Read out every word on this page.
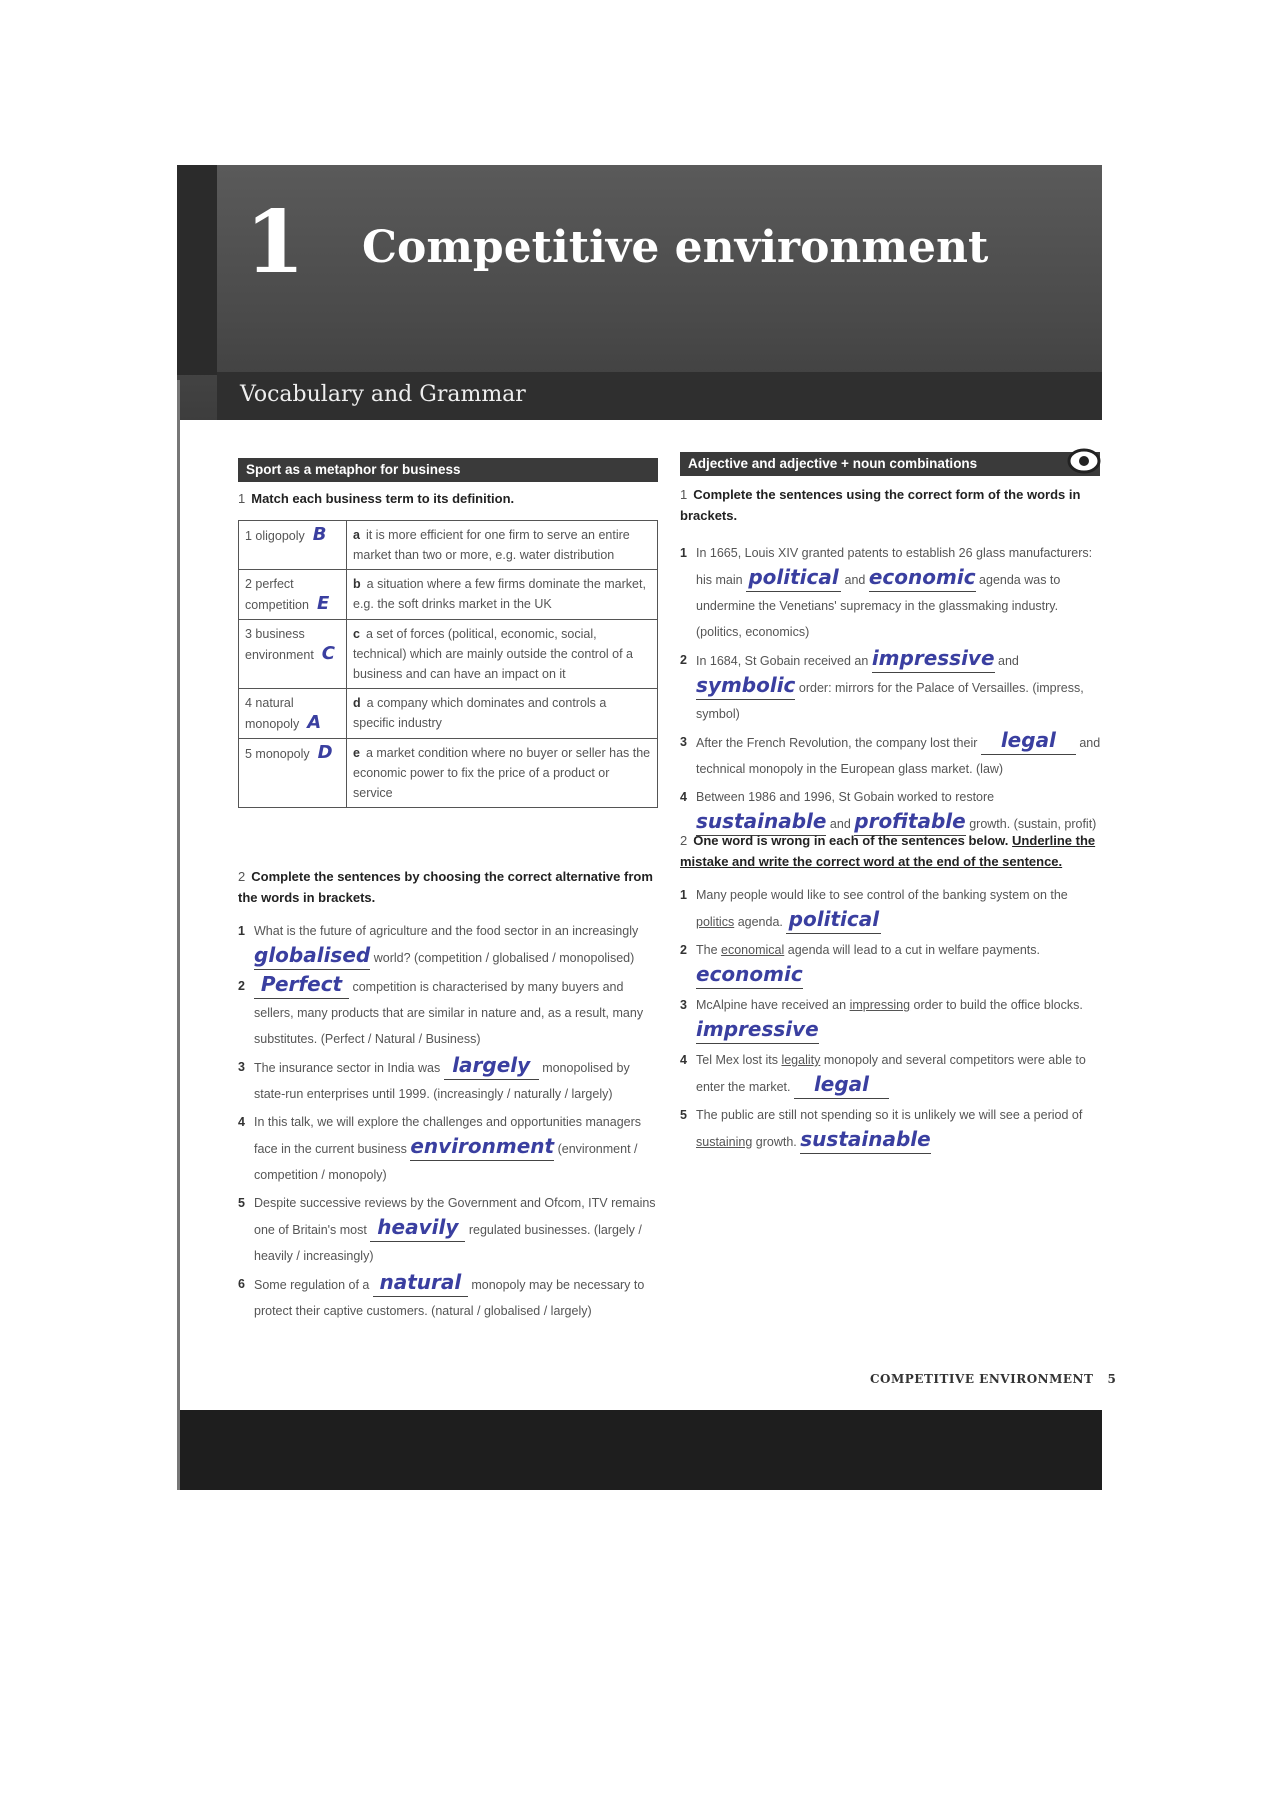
1 Competitive environment
Vocabulary and Grammar
Sport as a metaphor for business
1 Match each business term to its definition.
1 oligopoly B	a it is more efficient for one firm to serve an entire market than two or more, e.g. water distribution
2 perfect competition E	b a situation where a few firms dominate the market, e.g. the soft drinks market in the UK
3 business environment C	c a set of forces (political, economic, social, technical) which are mainly outside the control of a business and can have an impact on it
4 natural monopoly A	d a company which dominates and controls a specific industry
5 monopoly D	e a market condition where no buyer or seller has the economic power to fix the price of a product or service
2 Complete the sentences by choosing the correct alternative from the words in brackets.
1 What is the future of agriculture and the food sector in an increasingly globalised world? (competition / globalised / monopolised)
2 Perfect competition is characterised by many buyers and sellers, many products that are similar in nature and, as a result, many substitutes. (Perfect / Natural / Business)
3 The insurance sector in India was largely monopolised by state-run enterprises until 1999. (increasingly / naturally / largely)
4 In this talk, we will explore the challenges and opportunities managers face in the current business environment (environment / competition / monopoly)
5 Despite successive reviews by the Government and Ofcom, ITV remains one of Britain's most heavily regulated businesses. (largely / heavily / increasingly)
6 Some regulation of a natural monopoly may be necessary to protect their captive customers. (natural / globalised / largely)
Adjective and adjective + noun combinations
1 Complete the sentences using the correct form of the words in brackets.
1 In 1665, Louis XIV granted patents to establish 26 glass manufacturers: his main political and economic agenda was to undermine the Venetians' supremacy in the glassmaking industry. (politics, economics)
2 In 1684, St Gobain received an impressive and symbolic order: mirrors for the Palace of Versailles. (impress, symbol)
3 After the French Revolution, the company lost their legal and technical monopoly in the European glass market. (law)
4 Between 1986 and 1996, St Gobain worked to restore sustainable and profitable growth. (sustain, profit)
2 One word is wrong in each of the sentences below. Underline the mistake and write the correct word at the end of the sentence.
1 Many people would like to see control of the banking system on the politics agenda. political
2 The economical agenda will lead to a cut in welfare payments. economic
3 McAlpine have received an impressing order to build the office blocks. impressive
4 Tel Mex lost its legality monopoly and several competitors were able to enter the market. legal
5 The public are still not spending so it is unlikely we will see a period of sustaining growth. sustainable
COMPETITIVE ENVIRONMENT 5
